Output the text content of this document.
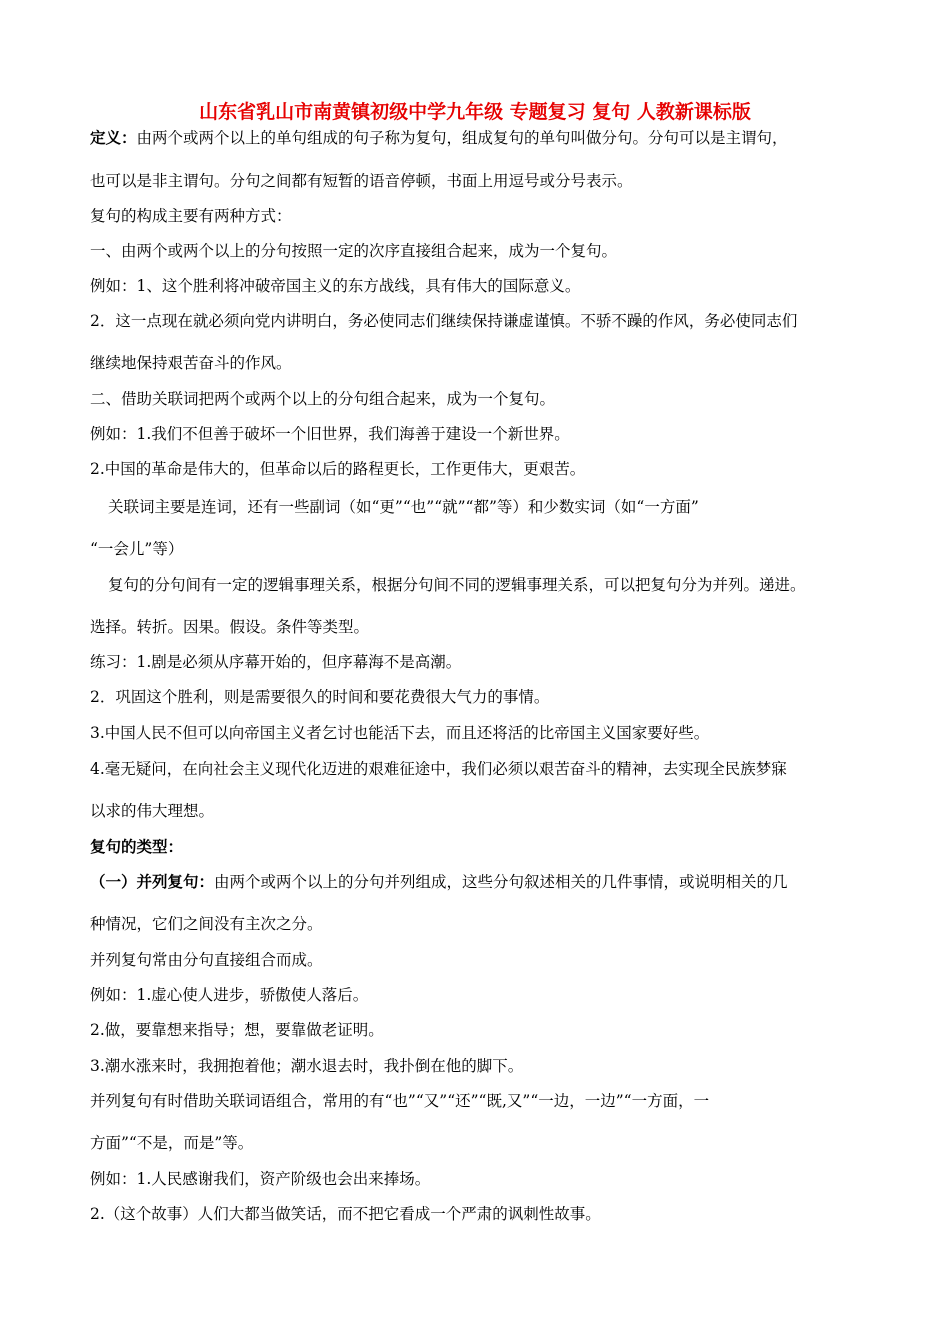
山东省乳山市南黄镇初级中学九年级 专题复习 复句 人教新课标版
定义：由两个或两个以上的单句组成的句子称为复句，组成复句的单句叫做分句。分句可以是主谓句，
也可以是非主谓句。分句之间都有短暂的语音停顿，书面上用逗号或分号表示。
复句的构成主要有两种方式：
一、由两个或两个以上的分句按照一定的次序直接组合起来，成为一个复句。
例如：1、这个胜利将冲破帝国主义的东方战线，具有伟大的国际意义。
2．这一点现在就必须向党内讲明白，务必使同志们继续保持谦虚谨慎。不骄不躁的作风，务必使同志们
继续地保持艰苦奋斗的作风。
二、借助关联词把两个或两个以上的分句组合起来，成为一个复句。
例如：1.我们不但善于破坏一个旧世界，我们海善于建设一个新世界。
2.中国的革命是伟大的，但革命以后的路程更长，工作更伟大，更艰苦。
关联词主要是连词，还有一些副词（如“更”“也”“就”“都”等）和少数实词（如“一方面”
“一会儿”等）
复句的分句间有一定的逻辑事理关系，根据分句间不同的逻辑事理关系，可以把复句分为并列。递进。
选择。转折。因果。假设。条件等类型。
练习：1.剧是必须从序幕开始的，但序幕海不是高潮。
2．巩固这个胜利，则是需要很久的时间和要花费很大气力的事情。
3.中国人民不但可以向帝国主义者乞讨也能活下去，而且还将活的比帝国主义国家要好些。
4.毫无疑问，在向社会主义现代化迈进的艰难征途中，我们必须以艰苦奋斗的精神，去实现全民族梦寐
以求的伟大理想。
复句的类型：
（一）并列复句：由两个或两个以上的分句并列组成，这些分句叙述相关的几件事情，或说明相关的几
种情况，它们之间没有主次之分。
并列复句常由分句直接组合而成。
例如：1.虚心使人进步，骄傲使人落后。
2.做，要靠想来指导；想，要靠做老证明。
3.潮水涨来时，我拥抱着他；潮水退去时，我扑倒在他的脚下。
并列复句有时借助关联词语组合，常用的有“也”“又”“还”“既,又”“一边，一边”“一方面，一
方面”“不是，而是”等。
例如：1.人民感谢我们，资产阶级也会出来捧场。
2.（这个故事）人们大都当做笑话，而不把它看成一个严肃的讽刺性故事。
